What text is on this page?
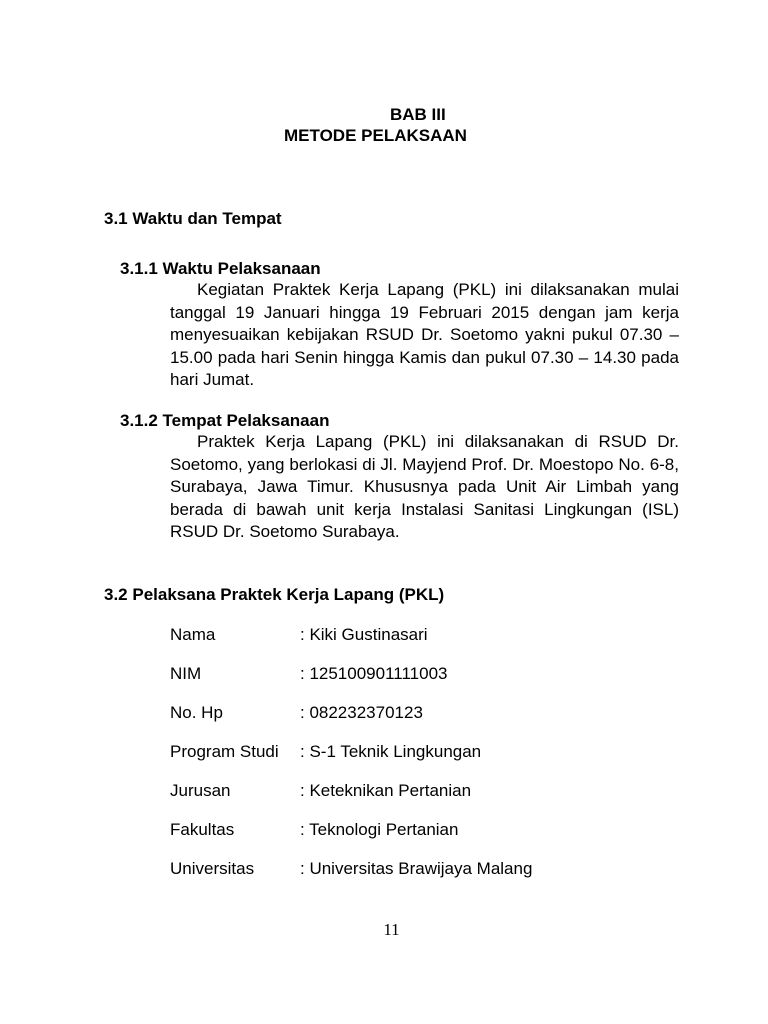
BAB III
METODE PELAKSAAN
3.1 Waktu dan Tempat
3.1.1 Waktu Pelaksanaan

Kegiatan Praktek Kerja Lapang (PKL) ini dilaksanakan mulai tanggal 19 Januari hingga 19 Februari 2015 dengan jam kerja menyesuaikan kebijakan RSUD Dr. Soetomo yakni pukul 07.30 – 15.00 pada hari Senin hingga Kamis dan pukul 07.30 – 14.30 pada hari Jumat.

3.1.2 Tempat Pelaksanaan

Praktek Kerja Lapang (PKL) ini dilaksanakan di RSUD Dr. Soetomo, yang berlokasi di Jl. Mayjend Prof. Dr. Moestopo No. 6-8, Surabaya, Jawa Timur. Khususnya pada Unit Air Limbah yang berada di bawah unit kerja Instalasi Sanitasi Lingkungan (ISL) RSUD Dr. Soetomo Surabaya.

3.2 Pelaksana Praktek Kerja Lapang (PKL)
Nama	: Kiki Gustinasari
NIM	: 125100901111003
No. Hp	: 082232370123
Program Studi : S-1 Teknik Lingkungan
Jurusan	: Keteknikan Pertanian
Fakultas	: Teknologi Pertanian
Universitas	: Universitas Brawijaya Malang
11
